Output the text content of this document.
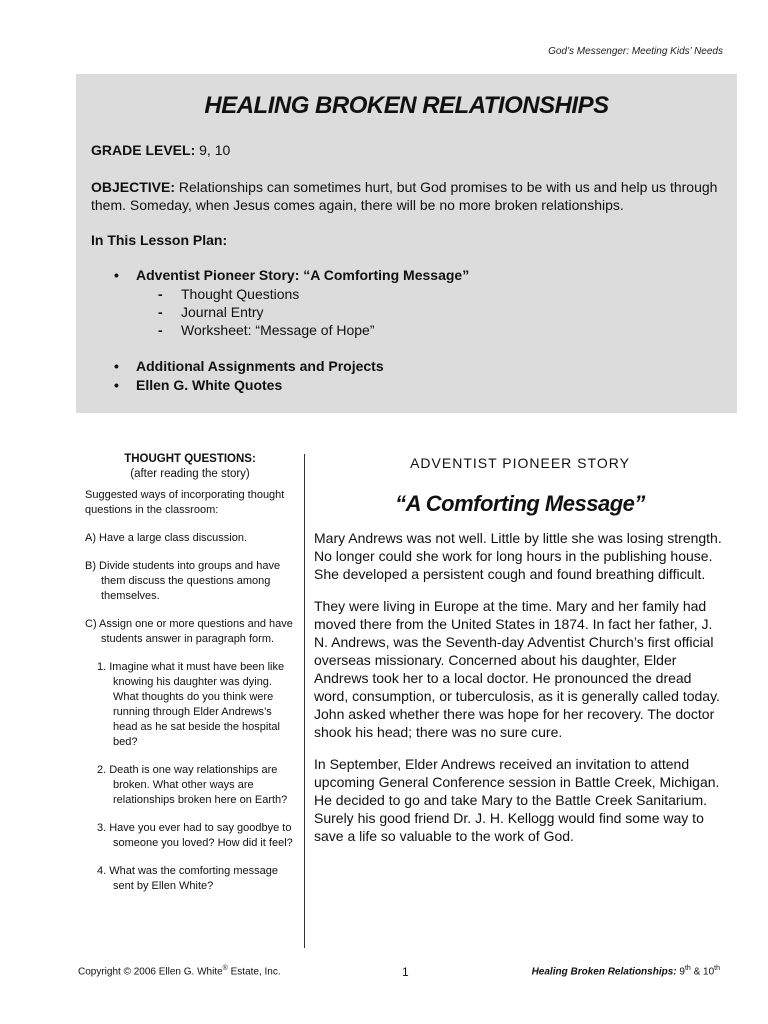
God’s Messenger: Meeting Kids’ Needs
HEALING BROKEN RELATIONSHIPS
GRADE LEVEL: 9, 10
OBJECTIVE: Relationships can sometimes hurt, but God promises to be with us and help us through them. Someday, when Jesus comes again, there will be no more broken relationships.
In This Lesson Plan:
• Adventist Pioneer Story: “A Comforting Message”
- Thought Questions
- Journal Entry
- Worksheet: “Message of Hope”
• Additional Assignments and Projects
• Ellen G. White Quotes
THOUGHT QUESTIONS:
(after reading the story)

Suggested ways of incorporating thought questions in the classroom:

A) Have a large class discussion.

B) Divide students into groups and have them discuss the questions among themselves.

C) Assign one or more questions and have students answer in paragraph form.

1. Imagine what it must have been like knowing his daughter was dying. What thoughts do you think were running through Elder Andrews’s head as he sat beside the hospital bed?

2. Death is one way relationships are broken. What other ways are relationships broken here on Earth?

3. Have you ever had to say goodbye to someone you loved? How did it feel?

4. What was the comforting message sent by Ellen White?

ADVENTIST PIONEER STORY
“A Comforting Message”

Mary Andrews was not well. Little by little she was losing strength. No longer could she work for long hours in the publishing house. She developed a persistent cough and found breathing difficult.

They were living in Europe at the time. Mary and her family had moved there from the United States in 1874. In fact her father, J. N. Andrews, was the Seventh-day Adventist Church’s first official overseas missionary. Concerned about his daughter, Elder Andrews took her to a local doctor. He pronounced the dread word, consumption, or tuberculosis, as it is generally called today. John asked whether there was hope for her recovery. The doctor shook his head; there was no sure cure.

In September, Elder Andrews received an invitation to attend upcoming General Conference session in Battle Creek, Michigan. He decided to go and take Mary to the Battle Creek Sanitarium. Surely his good friend Dr. J. H. Kellogg would find some way to save a life so valuable to the work of God.

Copyright © 2006 Ellen G. White® Estate, Inc.	1	Healing Broken Relationships: 9th & 10th
